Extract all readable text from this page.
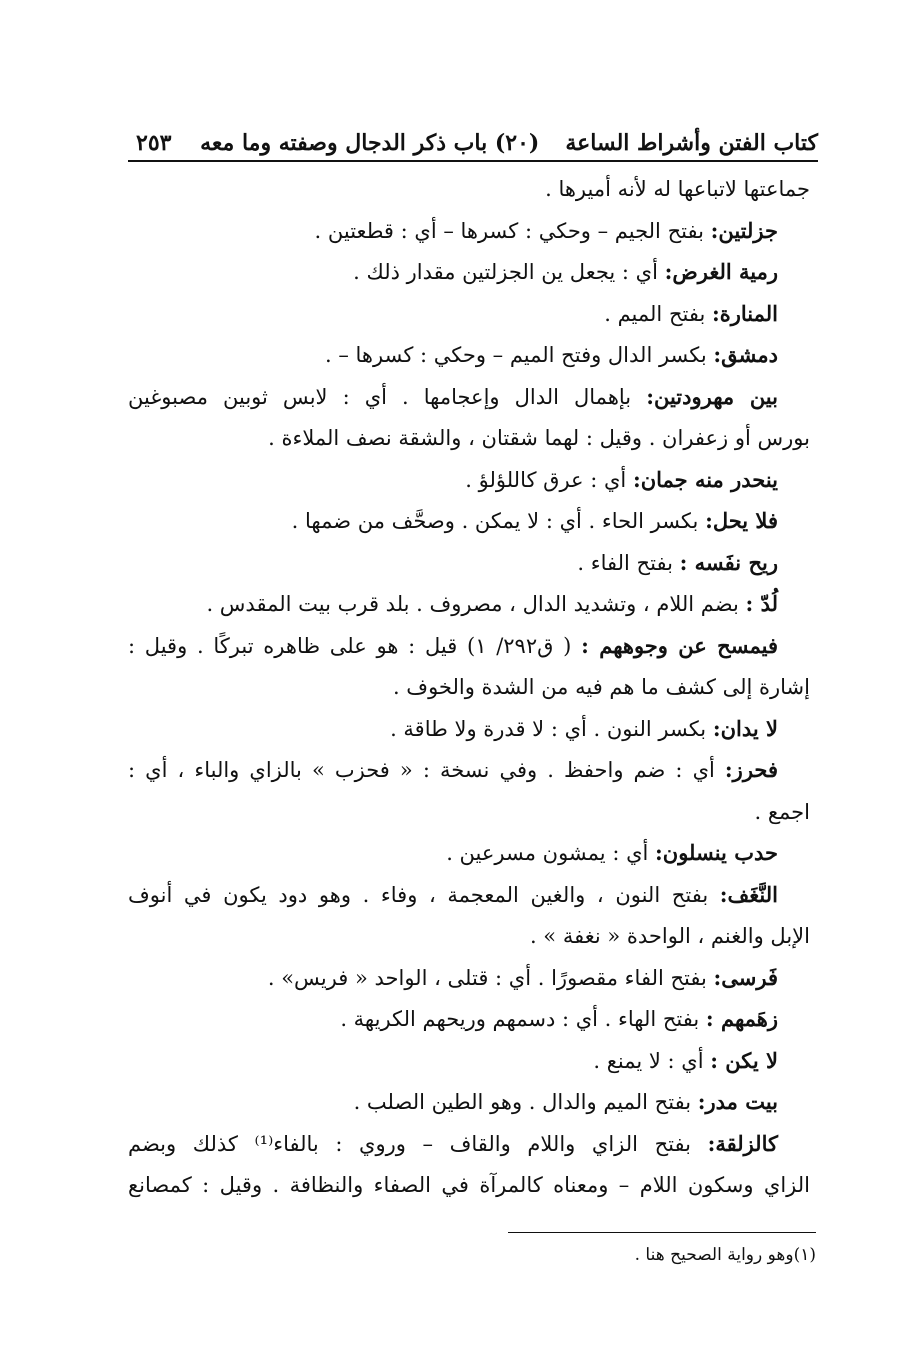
كتاب الفتن وأشراط الساعة
(٢٠) باب ذكر الدجال وصفته وما معه
٢٥٣
جماعتها لاتباعها له لأنه أميرها .
جزلتين: بفتح الجيم – وحكي : كسرها – أي : قطعتين .
رمية الغرض: أي : يجعل ين الجزلتين مقدار ذلك .
المنارة: بفتح الميم .
دمشق: بكسر الدال وفتح الميم – وحكي : كسرها – .
بين مهرودتين: بإهمال الدال وإعجامها . أي : لابس ثوبين مصبوغين
بورس أو زعفران . وقيل : لهما شقتان ، والشقة نصف الملاءة .
ينحدر منه جمان: أي : عرق كاللؤلؤ .
فلا يحل: بكسر الحاء . أي : لا يمكن . وصحَّف من ضمها .
ريح نفَسه : بفتح الفاء .
لُدّ : بضم اللام ، وتشديد الدال ، مصروف . بلد قرب بيت المقدس .
فيمسح عن وجوههم : ( ق٢٩٢/ ١) قيل : هو على ظاهره تبركًا . وقيل :
إشارة إلى كشف ما هم فيه من الشدة والخوف .
لا يدان: بكسر النون . أي : لا قدرة ولا طاقة .
فحرز: أي : ضم واحفظ . وفي نسخة : « فحزب » بالزاي والباء ، أي :
اجمع .
حدب ينسلون: أي : يمشون مسرعين .
النَّغَف: بفتح النون ، والغين المعجمة ، وفاء . وهو دود يكون في أنوف
الإبل والغنم ، الواحدة « نغفة » .
فَرسى: بفتح الفاء مقصورًا . أي : قتلى ، الواحد « فريس» .
زهَمهم : بفتح الهاء . أي : دسمهم وريحهم الكريهة .
لا يكن : أي : لا يمنع .
بيت مدر: بفتح الميم والدال . وهو الطين الصلب .
كالزلقة: بفتح الزاي واللام والقاف – وروي : بالفاء⁽¹⁾ كذلك وبضم
الزاي وسكون اللام – ومعناه كالمرآة في الصفاء والنظافة . وقيل : كمصانع
(١)وهو رواية الصحيح هنا .
